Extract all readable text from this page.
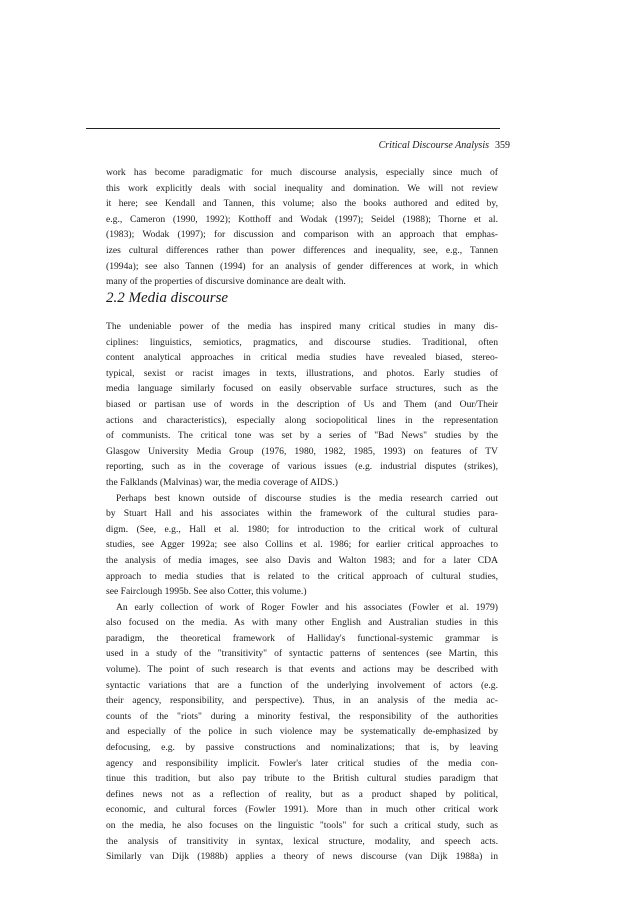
Critical Discourse Analysis 359
work has become paradigmatic for much discourse analysis, especially since much of
this work explicitly deals with social inequality and domination. We will not review
it here; see Kendall and Tannen, this volume; also the books authored and edited by,
e.g., Cameron (1990, 1992); Kotthoff and Wodak (1997); Seidel (1988); Thorne et al.
(1983); Wodak (1997); for discussion and comparison with an approach that emphas-
izes cultural differences rather than power differences and inequality, see, e.g., Tannen
(1994a); see also Tannen (1994) for an analysis of gender differences at work, in which
many of the properties of discursive dominance are dealt with.
2.2 Media discourse
The undeniable power of the media has inspired many critical studies in many dis-
ciplines: linguistics, semiotics, pragmatics, and discourse studies. Traditional, often
content analytical approaches in critical media studies have revealed biased, stereo-
typical, sexist or racist images in texts, illustrations, and photos. Early studies of
media language similarly focused on easily observable surface structures, such as the
biased or partisan use of words in the description of Us and Them (and Our/Their
actions and characteristics), especially along sociopolitical lines in the representation
of communists. The critical tone was set by a series of "Bad News" studies by the
Glasgow University Media Group (1976, 1980, 1982, 1985, 1993) on features of TV
reporting, such as in the coverage of various issues (e.g. industrial disputes (strikes),
the Falklands (Malvinas) war, the media coverage of AIDS.)
Perhaps best known outside of discourse studies is the media research carried out
by Stuart Hall and his associates within the framework of the cultural studies para-
digm. (See, e.g., Hall et al. 1980; for introduction to the critical work of cultural
studies, see Agger 1992a; see also Collins et al. 1986; for earlier critical approaches to
the analysis of media images, see also Davis and Walton 1983; and for a later CDA
approach to media studies that is related to the critical approach of cultural studies,
see Fairclough 1995b. See also Cotter, this volume.)
An early collection of work of Roger Fowler and his associates (Fowler et al. 1979)
also focused on the media. As with many other English and Australian studies in this
paradigm, the theoretical framework of Halliday's functional-systemic grammar is
used in a study of the "transitivity" of syntactic patterns of sentences (see Martin, this
volume). The point of such research is that events and actions may be described with
syntactic variations that are a function of the underlying involvement of actors (e.g.
their agency, responsibility, and perspective). Thus, in an analysis of the media ac-
counts of the "riots" during a minority festival, the responsibility of the authorities
and especially of the police in such violence may be systematically de-emphasized by
defocusing, e.g. by passive constructions and nominalizations; that is, by leaving
agency and responsibility implicit. Fowler's later critical studies of the media con-
tinue this tradition, but also pay tribute to the British cultural studies paradigm that
defines news not as a reflection of reality, but as a product shaped by political,
economic, and cultural forces (Fowler 1991). More than in much other critical work
on the media, he also focuses on the linguistic "tools" for such a critical study, such as
the analysis of transitivity in syntax, lexical structure, modality, and speech acts.
Similarly van Dijk (1988b) applies a theory of news discourse (van Dijk 1988a) in
